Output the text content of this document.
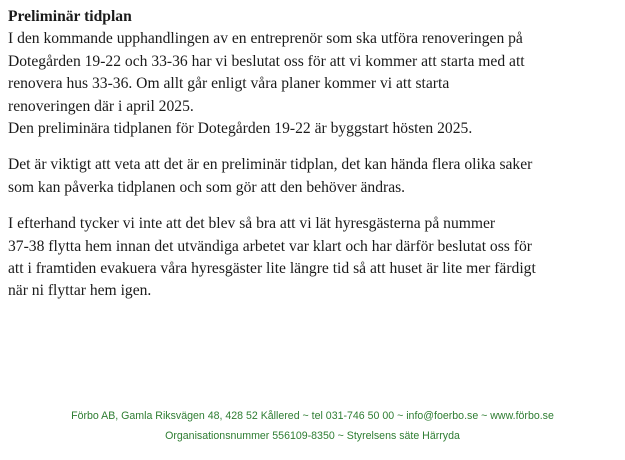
Preliminär tidplan

I den kommande upphandlingen av en entreprenör som ska utföra renoveringen på
Dotegården 19-22 och 33-36 har vi beslutat oss för att vi kommer att starta med att
renovera hus 33-36. Om allt går enligt våra planer kommer vi att starta
renoveringen där i april 2025.
Den preliminära tidplanen för Dotegården 19-22 är byggstart hösten 2025.
Det är viktigt att veta att det är en preliminär tidplan, det kan hända flera olika saker
som kan påverka tidplanen och som gör att den behöver ändras.
I efterhand tycker vi inte att det blev så bra att vi lät hyresgästerna på nummer
37-38 flytta hem innan det utvändiga arbetet var klart och har därför beslutat oss för
att i framtiden evakuera våra hyresgäster lite längre tid så att huset är lite mer färdigt
när ni flyttar hem igen.
Förbo AB, Gamla Riksvägen 48, 428 52 Kållered ~ tel 031-746 50 00 ~ info@foerbo.se ~ www.förbo.se
Organisationsnummer 556109-8350 ~ Styrelsens säte Härryda
